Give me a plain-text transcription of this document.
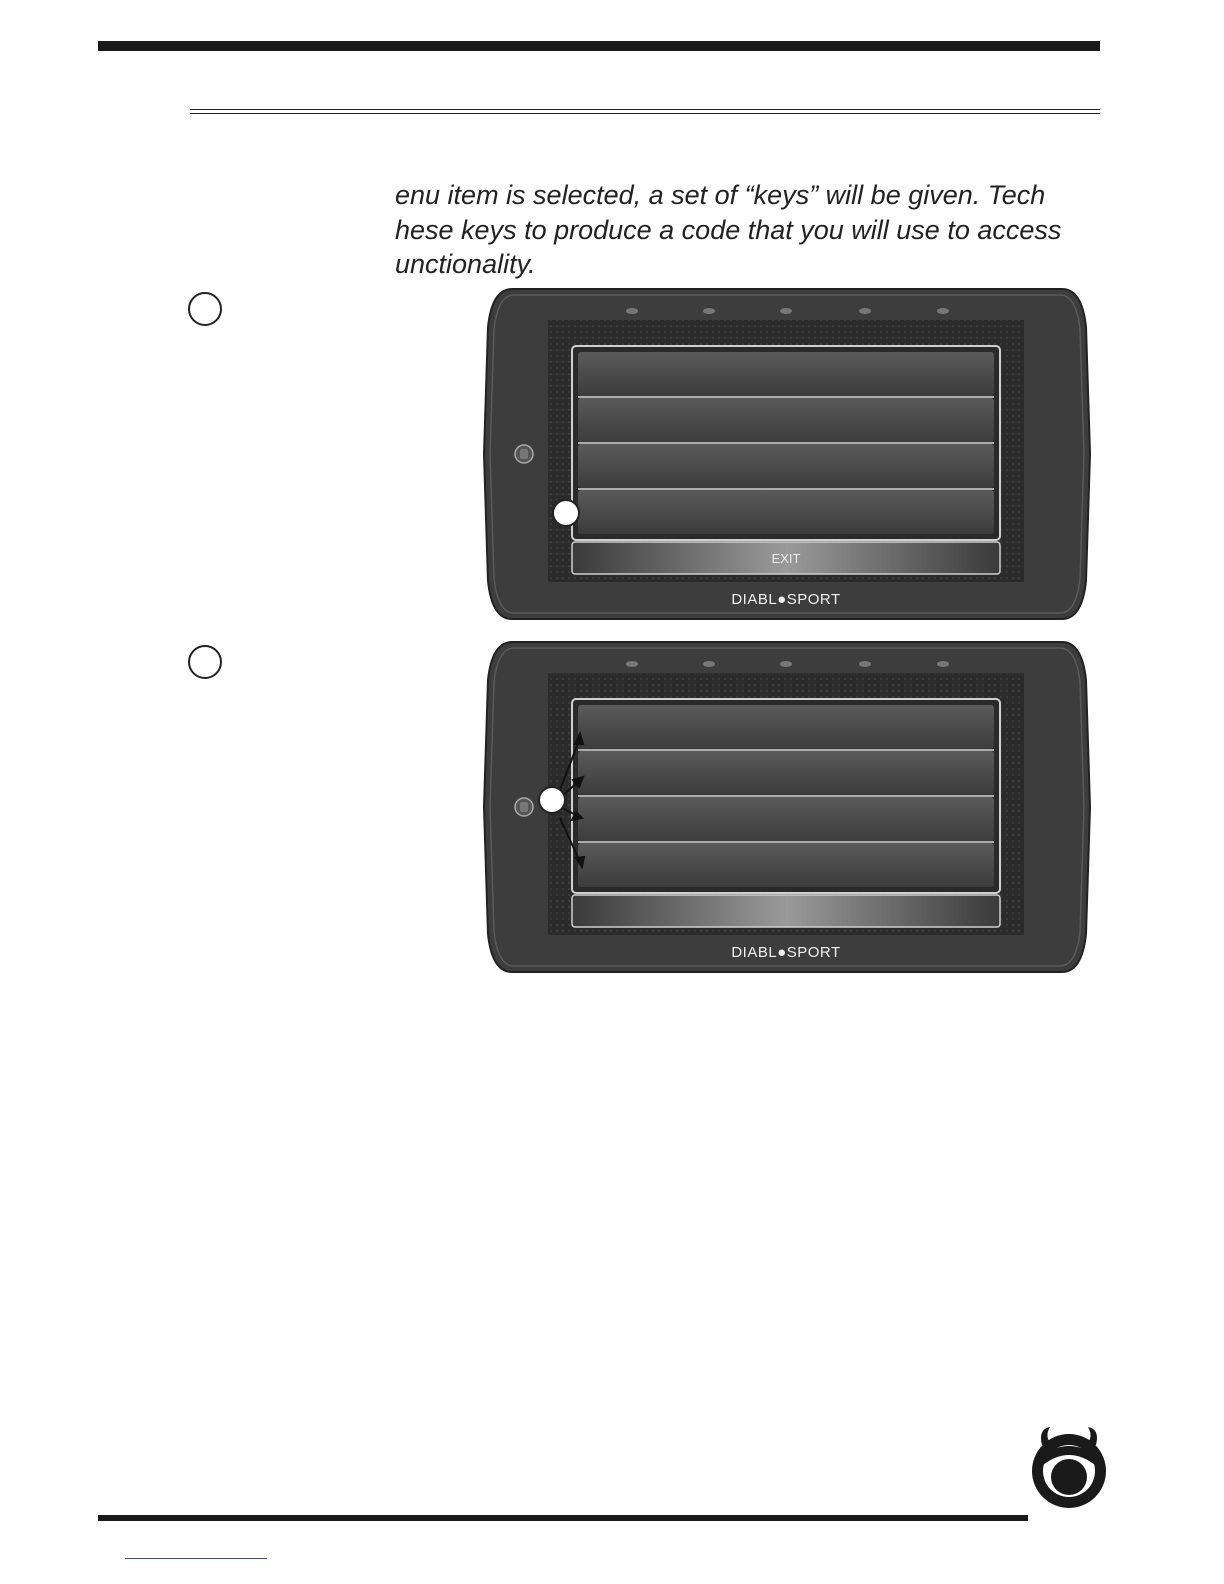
enu item is selected, a set of “keys” will be given. Tech
hese keys to produce a code that you will use to access
unctionality.
EXIT
DIABL●SPORT
DIABL●SPORT
